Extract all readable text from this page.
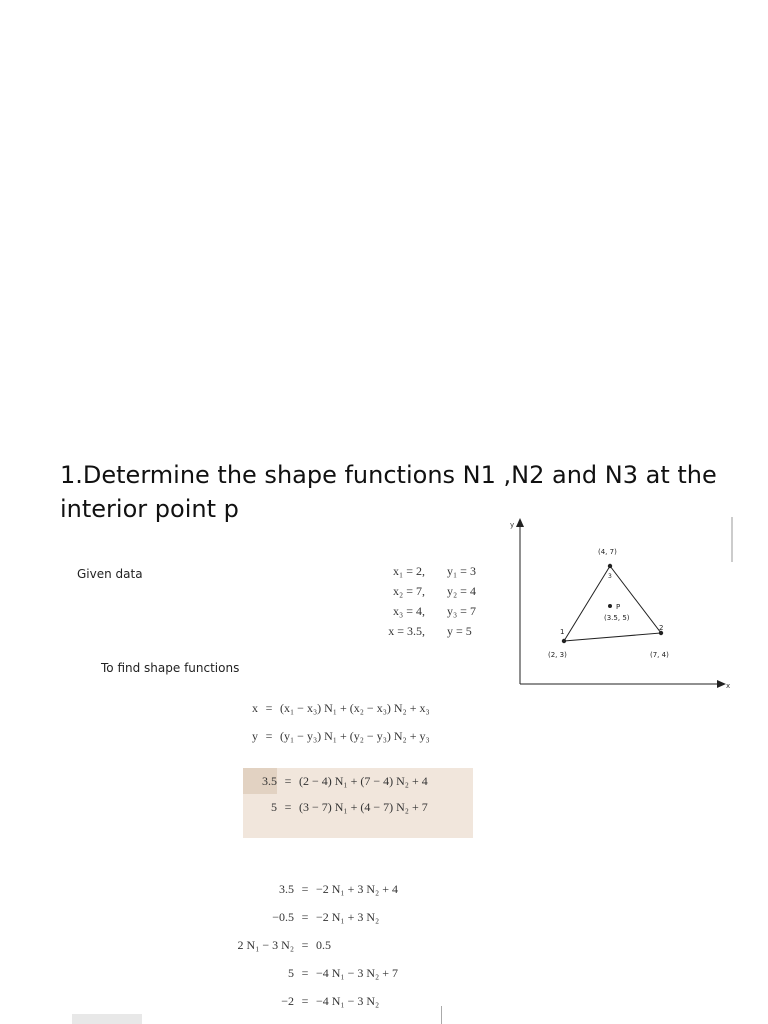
1.Determine the shape functions N1 ,N2 and N3 at the interior point p
Given data	x₁ = 2,	y₁ = 3
x₂ = 7,	y₂ = 4
x₃ = 4,	y₃ = 7
x = 3.5,	y = 5
To find shape functions
x = (x₁ − x₃) N₁ + (x₂ − x₃) N₂ + x₃
y = (y₁ − y₃) N₁ + (y₂ − y₃) N₂ + y₃
3.5 = (2 − 4) N₁ + (7 − 4) N₂ + 4
5 = (3 − 7) N₁ + (4 − 7) N₂ + 7
3.5 = −2 N₁ + 3 N₂ + 4
−0.5 = −2 N₁ + 3 N₂
2 N₁ − 3 N₂ = 0.5
5 = −4 N₁ − 3 N₂ + 7
−2 = −4 N₁ − 3 N₂
y
x
1
(2, 3)
2
(7, 4)
3
(4, 7)
P
(3.5, 5)
